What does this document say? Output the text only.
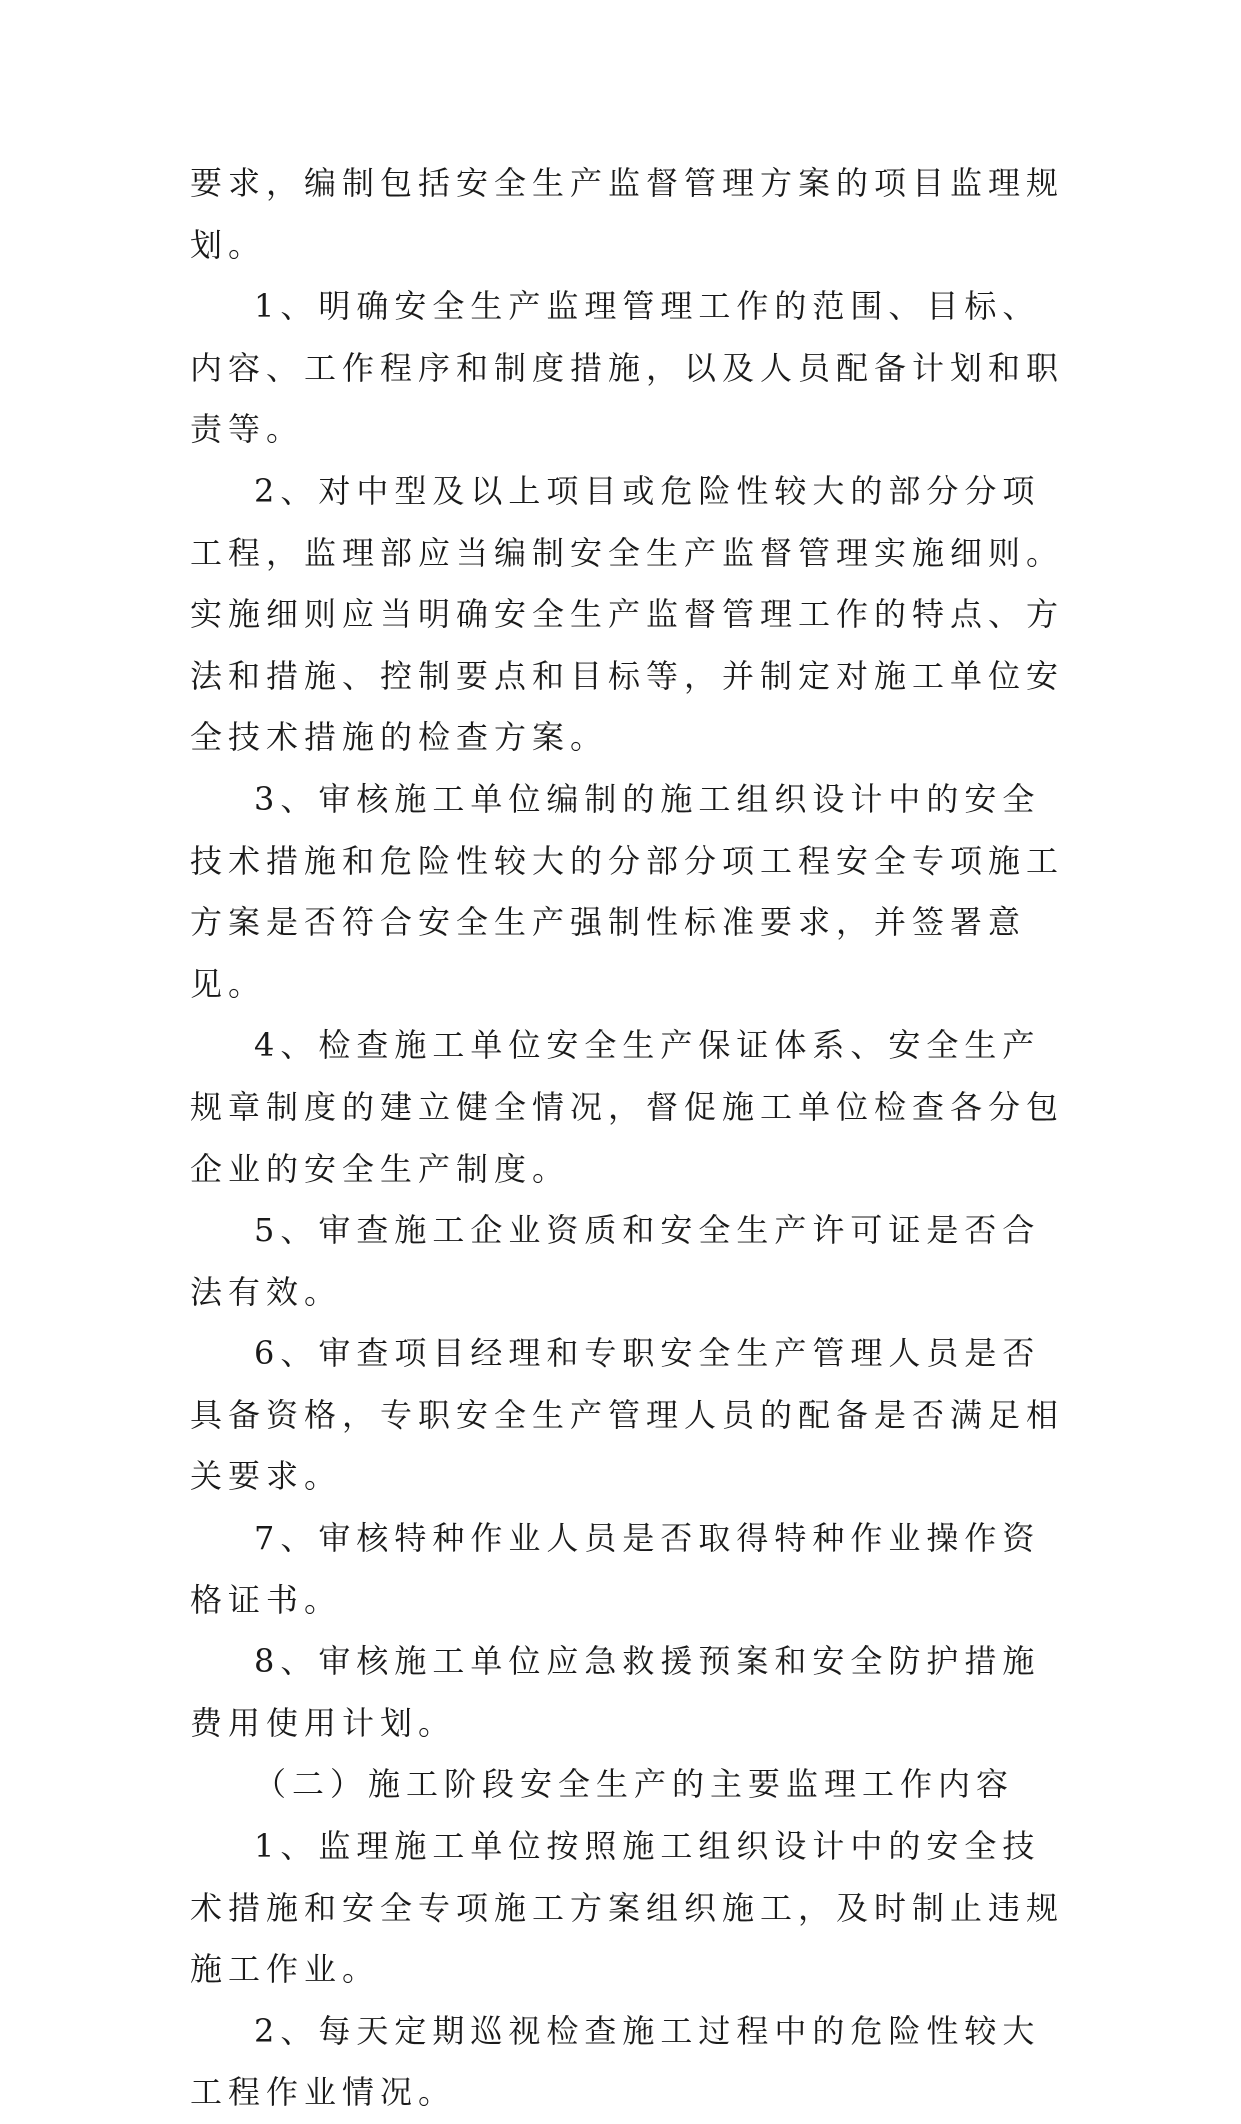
要求，编制包括安全生产监督管理方案的项目监理规划。

1、明确安全生产监理管理工作的范围、目标、内容、工作程序和制度措施，以及人员配备计划和职责等。

2、对中型及以上项目或危险性较大的部分分项工程，监理部应当编制安全生产监督管理实施细则。实施细则应当明确安全生产监督管理工作的特点、方法和措施、控制要点和目标等，并制定对施工单位安全技术措施的检查方案。

3、审核施工单位编制的施工组织设计中的安全技术措施和危险性较大的分部分项工程安全专项施工方案是否符合安全生产强制性标准要求，并签署意见。

4、检查施工单位安全生产保证体系、安全生产规章制度的建立健全情况，督促施工单位检查各分包企业的安全生产制度。

5、审查施工企业资质和安全生产许可证是否合法有效。

6、审查项目经理和专职安全生产管理人员是否具备资格，专职安全生产管理人员的配备是否满足相关要求。

7、审核特种作业人员是否取得特种作业操作资格证书。

8、审核施工单位应急救援预案和安全防护措施费用使用计划。

（二）施工阶段安全生产的主要监理工作内容

1、监理施工单位按照施工组织设计中的安全技术措施和安全专项施工方案组织施工，及时制止违规施工作业。

2、每天定期巡视检查施工过程中的危险性较大工程作业情况。
